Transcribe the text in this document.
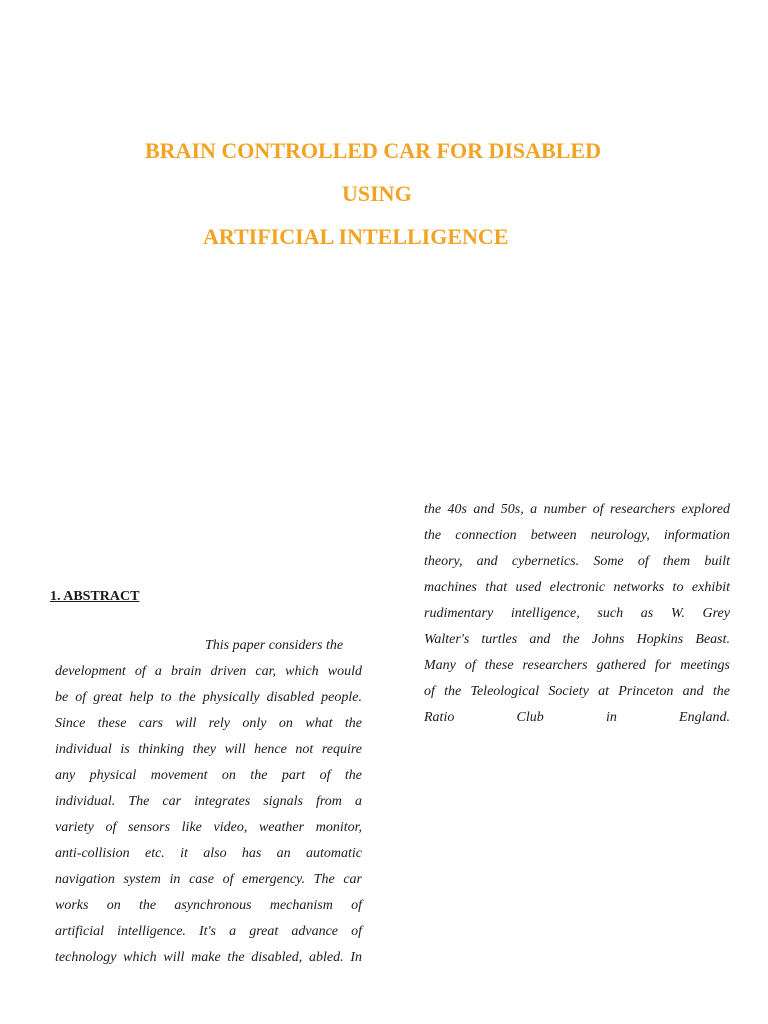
BRAIN CONTROLLED CAR FOR DISABLED
USING
ARTIFICIAL INTELLIGENCE
1. ABSTRACT
This paper considers the
development of a brain driven car, which would
be of great help to the physically disabled people.
Since these cars will rely only on what the
individual is thinking they will hence not require
any physical movement on the part of the
individual. The car integrates signals from a
variety of sensors like video, weather monitor,
anti-collision etc. it also has an automatic
navigation system in case of emergency. The car
works on the asynchronous mechanism of
artificial intelligence. It's a great advance of
technology which will make the disabled, abled. In
the 40s and 50s, a number of researchers explored
the connection between neurology, information
theory, and cybernetics. Some of them built
machines that used electronic networks to exhibit
rudimentary intelligence, such as W. Grey
Walter's turtles and the Johns Hopkins Beast.
Many of these researchers gathered for meetings
of the Teleological Society at Princeton and the
Ratio Club in England.
